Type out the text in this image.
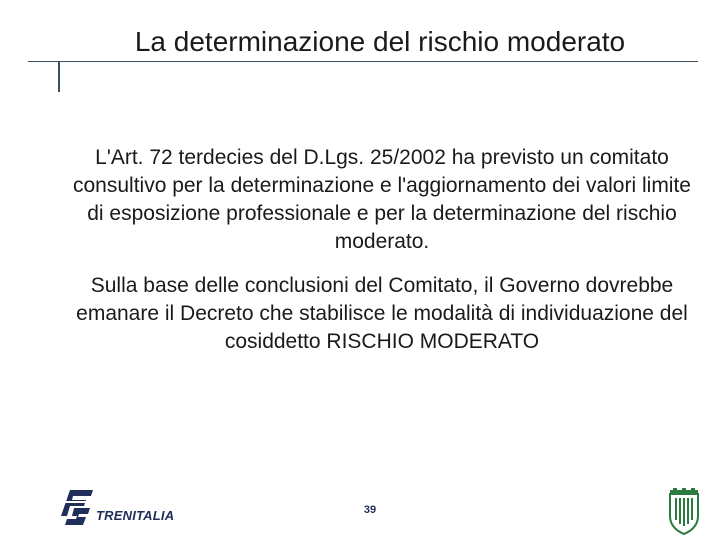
La determinazione del rischio moderato

L'Art. 72 terdecies del D.Lgs. 25/2002 ha previsto un comitato consultivo per la determinazione e l'aggiornamento dei valori limite di esposizione professionale e per la determinazione del rischio moderato.

Sulla base delle conclusioni del Comitato, il Governo dovrebbe emanare il Decreto che stabilisce le modalità di individuazione del cosiddetto RISCHIO MODERATO

TRENITALIA	39
